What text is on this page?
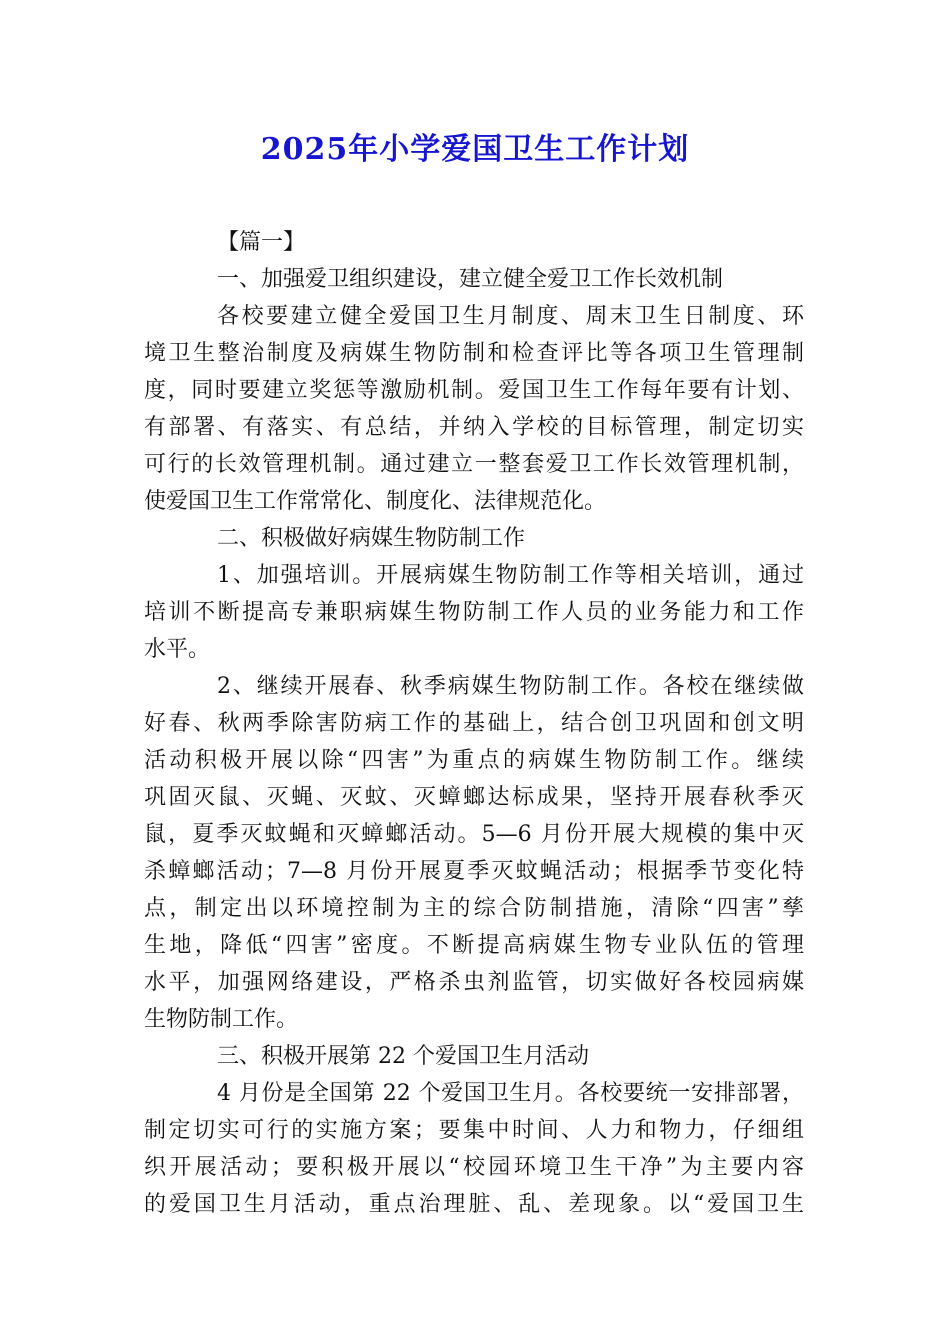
2025年小学爱国卫生工作计划
【篇一】
一、加强爱卫组织建设，建立健全爱卫工作长效机制
各校要建立健全爱国卫生月制度、周末卫生日制度、环
境卫生整治制度及病媒生物防制和检查评比等各项卫生管理制
度，同时要建立奖惩等激励机制。爱国卫生工作每年要有计划、
有部署、有落实、有总结，并纳入学校的目标管理，制定切实
可行的长效管理机制。通过建立一整套爱卫工作长效管理机制，
使爱国卫生工作常常化、制度化、法律规范化。
二、积极做好病媒生物防制工作
1、加强培训。开展病媒生物防制工作等相关培训，通过
培训不断提高专兼职病媒生物防制工作人员的业务能力和工作
水平。
2、继续开展春、秋季病媒生物防制工作。各校在继续做
好春、秋两季除害防病工作的基础上，结合创卫巩固和创文明
活动积极开展以除“四害”为重点的病媒生物防制工作。继续
巩固灭鼠、灭蝇、灭蚊、灭蟑螂达标成果，坚持开展春秋季灭
鼠，夏季灭蚊蝇和灭蟑螂活动。5—6 月份开展大规模的集中灭
杀蟑螂活动；7—8 月份开展夏季灭蚊蝇活动；根据季节变化特
点，制定出以环境控制为主的综合防制措施，清除“四害”孳
生地，降低“四害”密度。不断提高病媒生物专业队伍的管理
水平，加强网络建设，严格杀虫剂监管，切实做好各校园病媒
生物防制工作。
三、积极开展第 22 个爱国卫生月活动
4 月份是全国第 22 个爱国卫生月。各校要统一安排部署，
制定切实可行的实施方案；要集中时间、人力和物力，仔细组
织开展活动；要积极开展以“校园环境卫生干净”为主要内容
的爱国卫生月活动，重点治理脏、乱、差现象。以“爱国卫生
